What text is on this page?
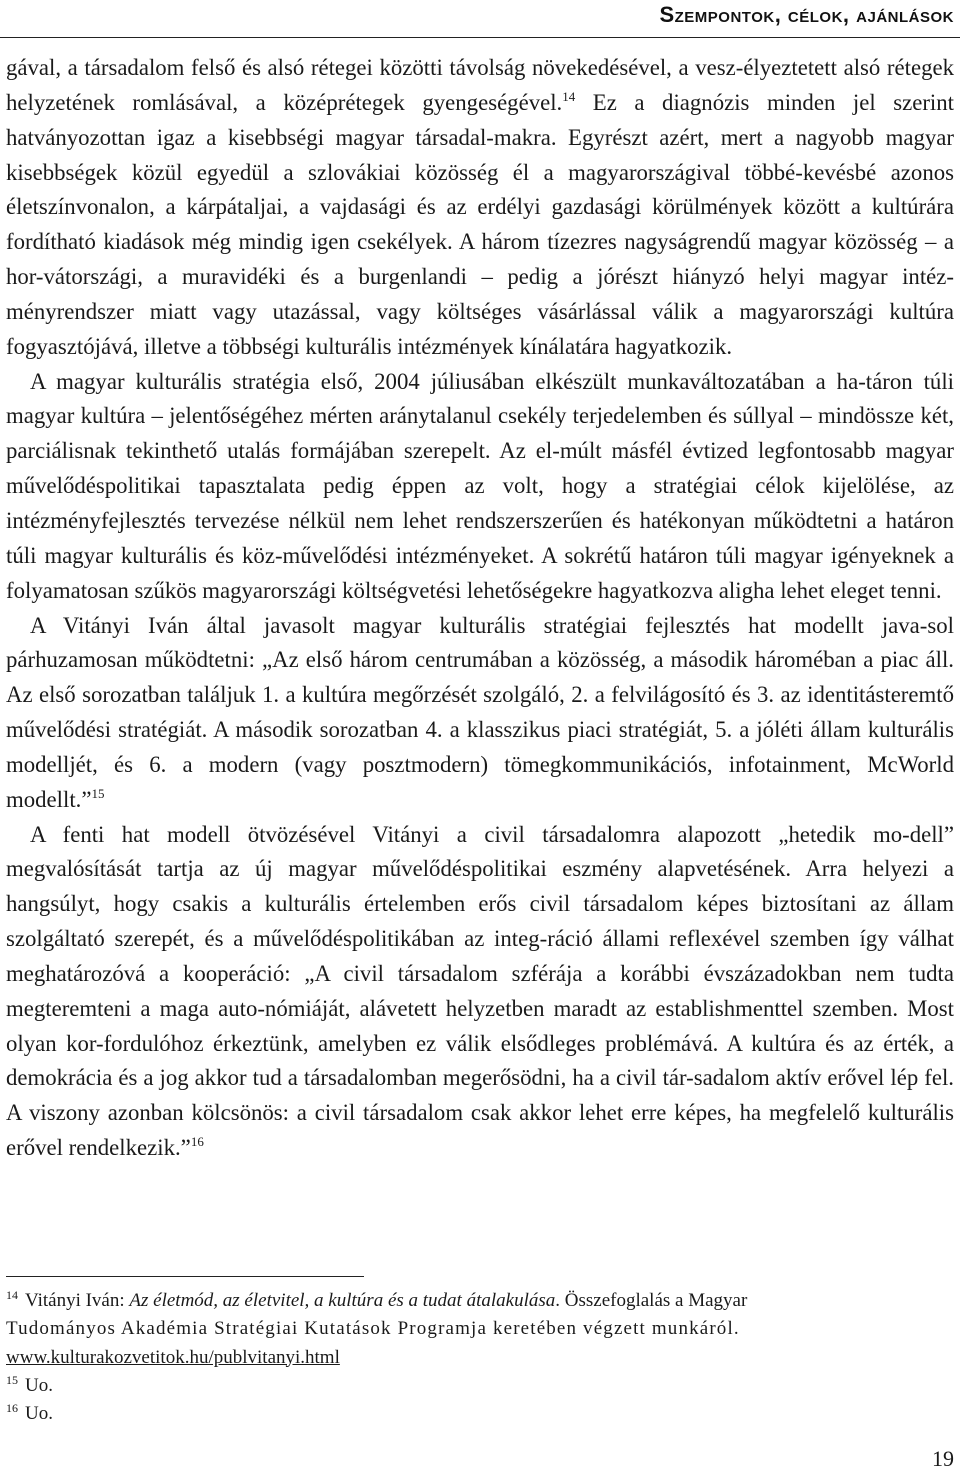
Szempontok, célok, ajánlások

gával, a társadalom felső és alsó rétegei közötti távolság növekedésével, a vesz-élyeztetett alsó rétegek helyzetének romlásával, a középrétegek gyengeségével.$^{14}$ Ez a diagnózis minden jel szerint hatványozottan igaz a kisebbségi magyar társadal-makra. Egyrészt azért, mert a nagyobb magyar kisebbségek közül egyedül a szlovákiai közösség él a magyarországival többé-kevésbé azonos életszínvonalon, a kárpátaljai, a vajdasági és az erdélyi gazdasági körülmények között a kultúrára fordítható kiadások még mindig igen csekélyek. A három tízezres nagyságrendű magyar közösség – a hor-vátországi, a muravidéki és a burgenlandi – pedig a jórészt hiányzó helyi magyar intéz-ményrendszer miatt vagy utazással, vagy költséges vásárlással válik a magyarországi kultúra fogyasztójává, illetve a többségi kulturális intézmények kínálatára hagyatkozik.

A magyar kulturális stratégia első, 2004 júliusában elkészült munkaváltozatában a ha-táron túli magyar kultúra – jelentőségéhez mérten aránytalanul csekély terjedelemben és súllyal – mindössze két, parciálisnak tekinthető utalás formájában szerepelt. Az el-múlt másfél évtized legfontosabb magyar művelődéspolitikai tapasztalata pedig éppen az volt, hogy a stratégiai célok kijelölése, az intézményfejlesztés tervezése nélkül nem lehet rendszerszerűen és hatékonyan működtetni a határon túli magyar kulturális és köz-művelődési intézményeket. A sokrétű határon túli magyar igényeknek a folyamatosan szűkös magyarországi költségvetési lehetőségekre hagyatkozva aligha lehet eleget tenni.

A Vitányi Iván által javasolt magyar kulturális stratégiai fejlesztés hat modellt java-sol párhuzamosan működtetni: „Az első három centrumában a közösség, a második hároméban a piac áll. Az első sorozatban találjuk 1. a kultúra megőrzését szolgáló, 2. a felvilágosító és 3. az identitásteremtő művelődési stratégiát. A második sorozatban 4. a klasszikus piaci stratégiát, 5. a jóléti állam kulturális modelljét, és 6. a modern (vagy posztmodern) tömegkommunikációs, infotainment, McWorld modellt.”$^{15}$

A fenti hat modell ötvözésével Vitányi a civil társadalomra alapozott „hetedik mo-dell” megvalósítását tartja az új magyar művelődéspolitikai eszmény alapvetésének. Arra helyezi a hangsúlyt, hogy csakis a kulturális értelemben erős civil társadalom képes biztosítani az állam szolgáltató szerepét, és a művelődéspolitikában az integ-ráció állami reflexével szemben így válhat meghatározóvá a kooperáció: „A civil társadalom szférája a korábbi évszázadokban nem tudta megteremteni a maga auto-nómiáját, alávetett helyzetben maradt az establishmenttel szemben. Most olyan kor-fordulóhoz érkeztünk, amelyben ez válik elsődleges problémává. A kultúra és az érték, a demokrácia és a jog akkor tud a társadalomban megerősödni, ha a civil tár-sadalom aktív erővel lép fel. A viszony azonban kölcsönös: a civil társadalom csak akkor lehet erre képes, ha megfelelő kulturális erővel rendelkezik.”$^{16}$

$^{14}$ Vitányi Iván: Az életmód, az életvitel, a kultúra és a tudat átalakulása. Összefoglalás a Magyar
Tudományos Akadémia Stratégiai Kutatások Programja keretében végzett munkáról.
www.kulturakozvetitok.hu/publvitanyi.html

$^{15}$ Uo.

$^{16}$ Uo.

19
